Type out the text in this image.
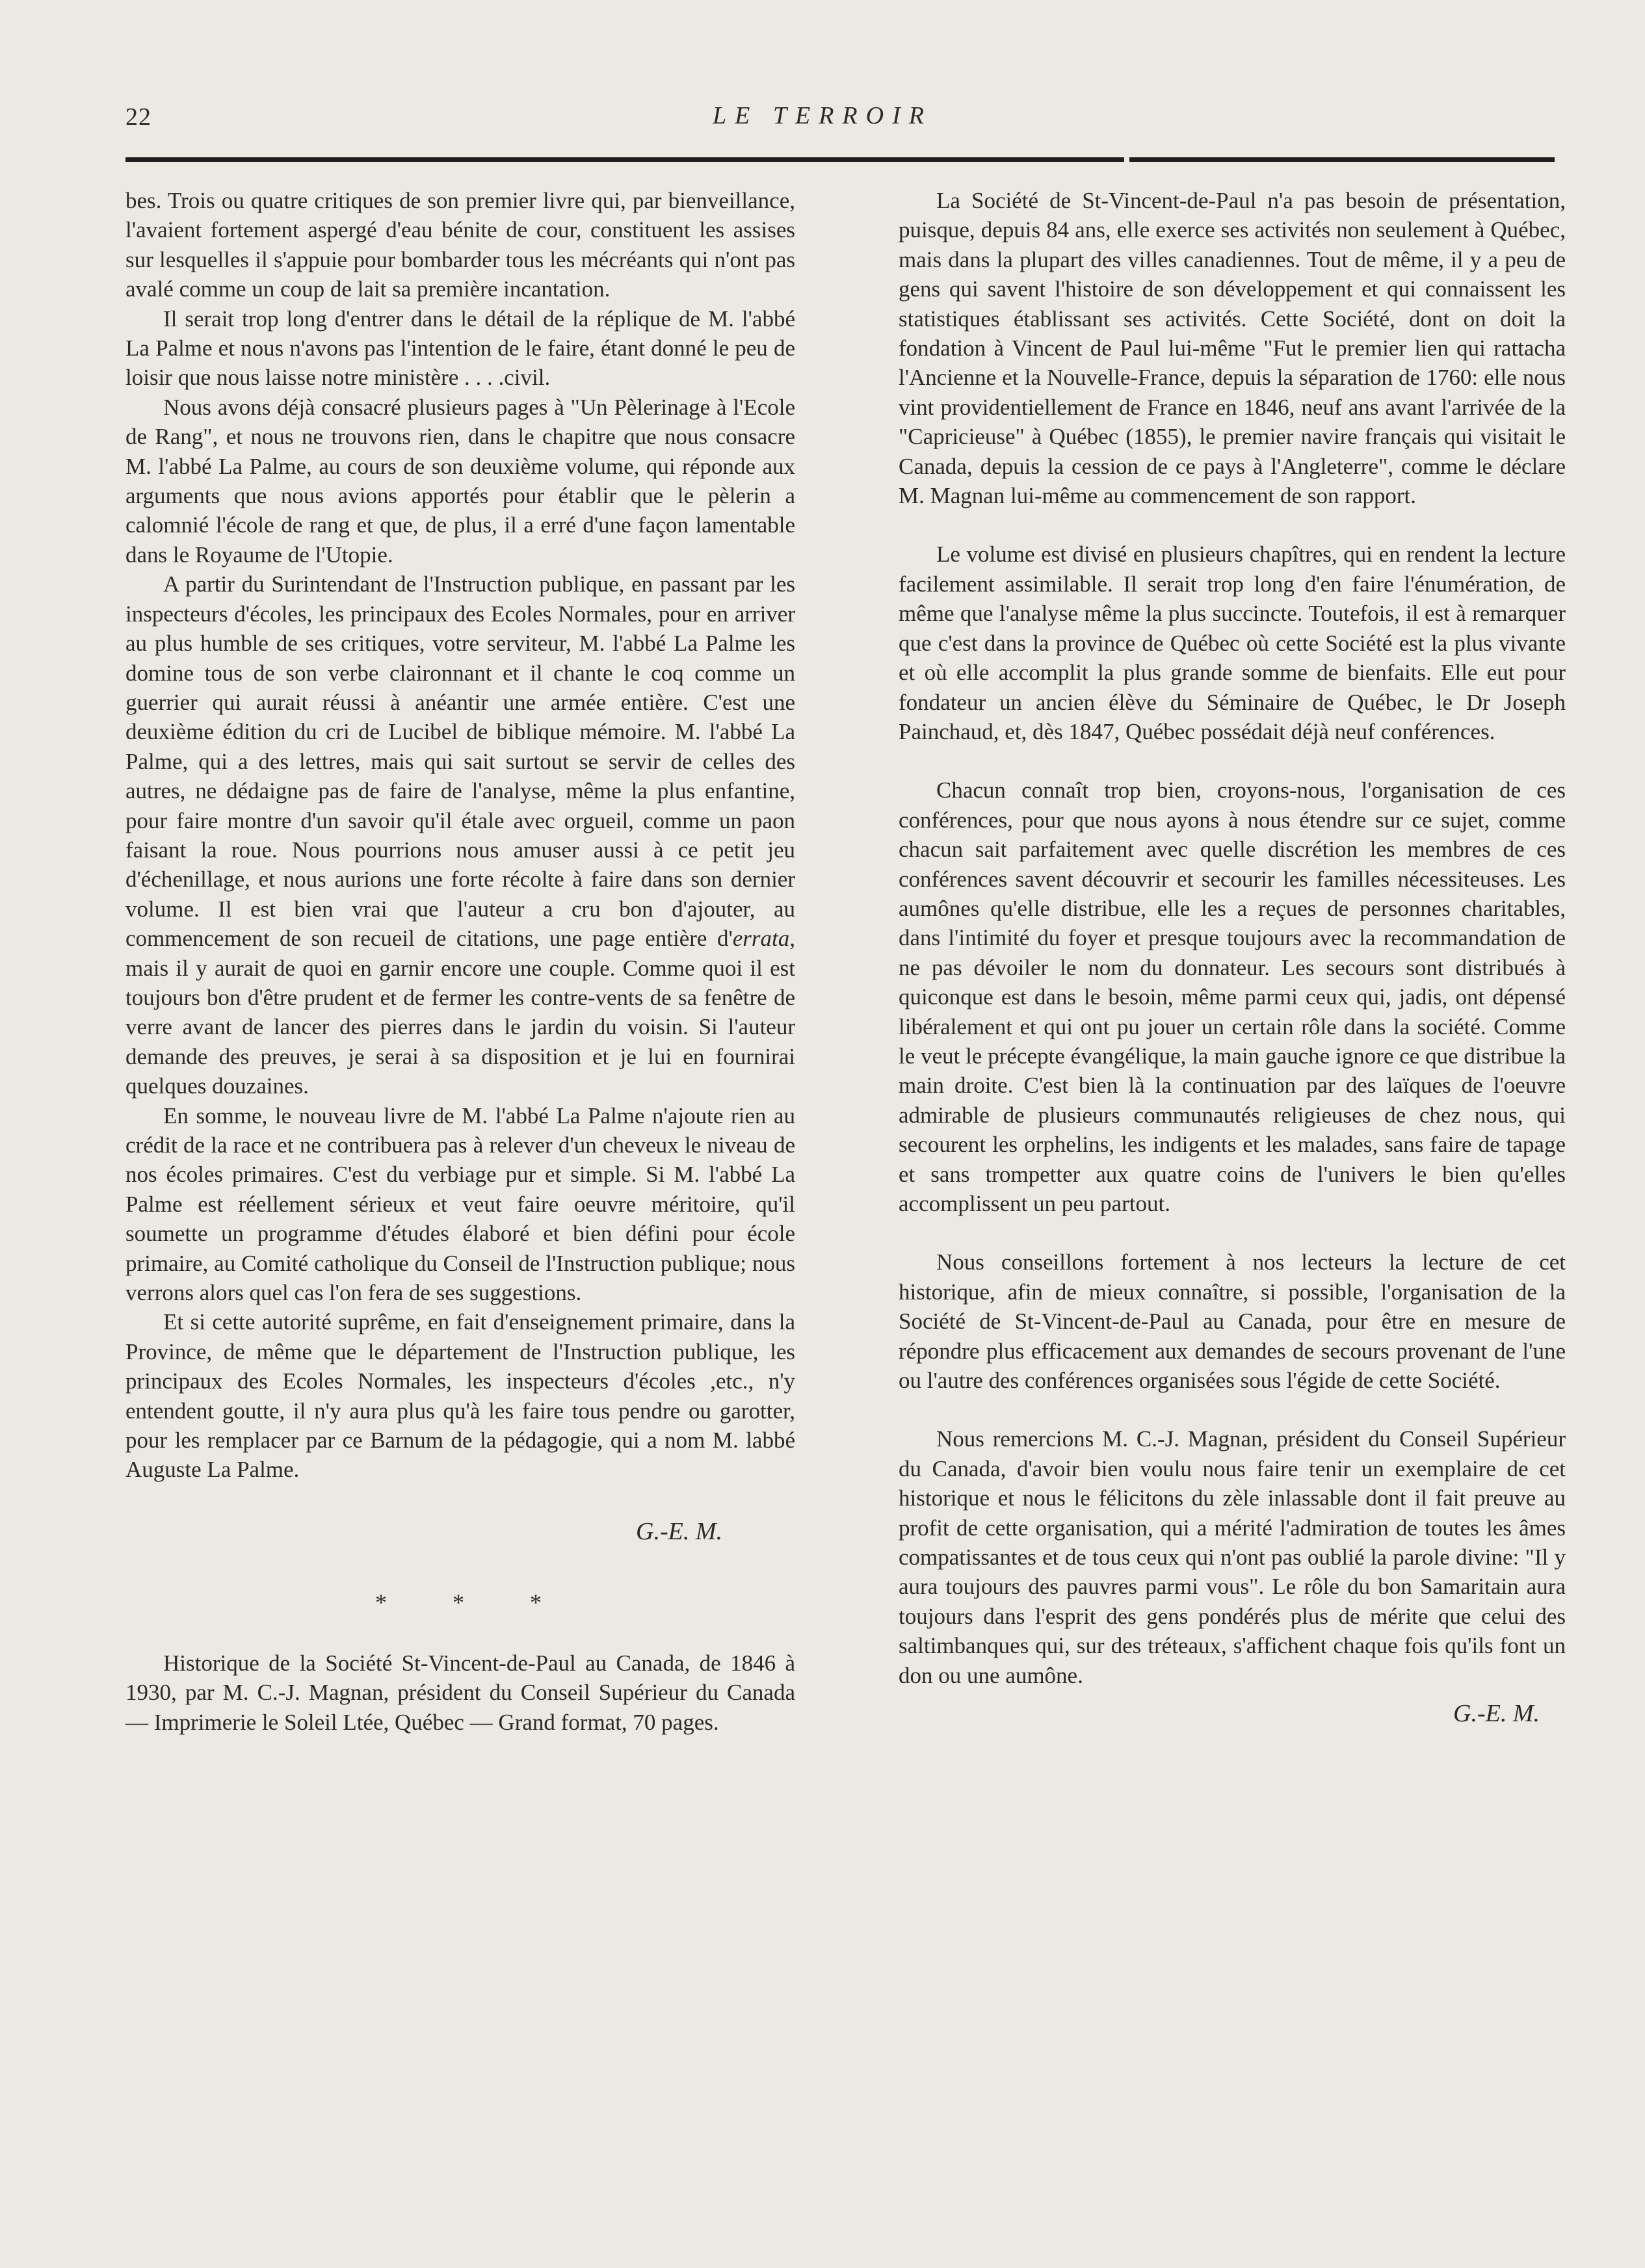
22	LE TERROIR

bes. Trois ou quatre critiques de son premier livre qui, par bienveillance, l'avaient fortement aspergé d'eau bénite de cour, constituent les assises sur lesquelles il s'appuie pour bombarder tous les mécréants qui n'ont pas avalé comme un coup de lait sa première incantation.

Il serait trop long d'entrer dans le détail de la réplique de M. l'abbé La Palme et nous n'avons pas l'intention de le faire, étant donné le peu de loisir que nous laisse notre ministère . . . .civil.

Nous avons déjà consacré plusieurs pages à "Un Pèlerinage à l'Ecole de Rang", et nous ne trouvons rien, dans le chapitre que nous consacre M. l'abbé La Palme, au cours de son deuxième volume, qui réponde aux arguments que nous avions apportés pour établir que le pèlerin a calomnié l'école de rang et que, de plus, il a erré d'une façon lamentable dans le Royaume de l'Utopie.

A partir du Surintendant de l'Instruction publique, en passant par les inspecteurs d'écoles, les principaux des Ecoles Normales, pour en arriver au plus humble de ses critiques, votre serviteur, M. l'abbé La Palme les domine tous de son verbe claironnant et il chante le coq comme un guerrier qui aurait réussi à anéantir une armée entière. C'est une deuxième édition du cri de Lucibel de biblique mémoire. M. l'abbé La Palme, qui a des lettres, mais qui sait surtout se servir de celles des autres, ne dédaigne pas de faire de l'analyse, même la plus enfantine, pour faire montre d'un savoir qu'il étale avec orgueil, comme un paon faisant la roue. Nous pourrions nous amuser aussi à ce petit jeu d'échenillage, et nous aurions une forte récolte à faire dans son dernier volume. Il est bien vrai que l'auteur a cru bon d'ajouter, au commencement de son recueil de citations, une page entière d'errata, mais il y aurait de quoi en garnir encore une couple. Comme quoi il est toujours bon d'être prudent et de fermer les contre-vents de sa fenêtre de verre avant de lancer des pierres dans le jardin du voisin. Si l'auteur demande des preuves, je serai à sa disposition et je lui en fournirai quelques douzaines.

En somme, le nouveau livre de M. l'abbé La Palme n'ajoute rien au crédit de la race et ne contribuera pas à relever d'un cheveux le niveau de nos écoles primaires. C'est du verbiage pur et simple. Si M. l'abbé La Palme est réellement sérieux et veut faire oeuvre méritoire, qu'il soumette un programme d'études élaboré et bien défini pour école primaire, au Comité catholique du Conseil de l'Instruction publique; nous verrons alors quel cas l'on fera de ses suggestions.

Et si cette autorité suprême, en fait d'enseignement primaire, dans la Province, de même que le département de l'Instruction publique, les principaux des Ecoles Normales, les inspecteurs d'écoles ,etc., n'y entendent goutte, il n'y aura plus qu'à les faire tous pendre ou garotter, pour les remplacer par ce Barnum de la pédagogie, qui a nom M. labbé Auguste La Palme.

G.-E. M.
* * *

Historique de la Société St-Vincent-de-Paul au Canada, de 1846 à 1930, par M. C.-J. Magnan, président du Conseil Supérieur du Canada — Imprimerie le Soleil Ltée, Québec — Grand format, 70 pages.

La Société de St-Vincent-de-Paul n'a pas besoin de présentation, puisque, depuis 84 ans, elle exerce ses activités non seulement à Québec, mais dans la plupart des villes canadiennes. Tout de même, il y a peu de gens qui savent l'histoire de son développement et qui connaissent les statistiques établissant ses activités. Cette Société, dont on doit la fondation à Vincent de Paul lui-même "Fut le premier lien qui rattacha l'Ancienne et la Nouvelle-France, depuis la séparation de 1760: elle nous vint providentiellement de France en 1846, neuf ans avant l'arrivée de la "Capricieuse" à Québec (1855), le premier navire français qui visitait le Canada, depuis la cession de ce pays à l'Angleterre", comme le déclare M. Magnan lui-même au commencement de son rapport.

Le volume est divisé en plusieurs chapîtres, qui en rendent la lecture facilement assimilable. Il serait trop long d'en faire l'énumération, de même que l'analyse même la plus succincte. Toutefois, il est à remarquer que c'est dans la province de Québec où cette Société est la plus vivante et où elle accomplit la plus grande somme de bienfaits. Elle eut pour fondateur un ancien élève du Séminaire de Québec, le Dr Joseph Painchaud, et, dès 1847, Québec possédait déjà neuf conférences.

Chacun connaît trop bien, croyons-nous, l'organisation de ces conférences, pour que nous ayons à nous étendre sur ce sujet, comme chacun sait parfaitement avec quelle discrétion les membres de ces conférences savent découvrir et secourir les familles nécessiteuses. Les aumônes qu'elle distribue, elle les a reçues de personnes charitables, dans l'intimité du foyer et presque toujours avec la recommandation de ne pas dévoiler le nom du donnateur. Les secours sont distribués à quiconque est dans le besoin, même parmi ceux qui, jadis, ont dépensé libéralement et qui ont pu jouer un certain rôle dans la société. Comme le veut le précepte évangélique, la main gauche ignore ce que distribue la main droite. C'est bien là la continuation par des laïques de l'oeuvre admirable de plusieurs communautés religieuses de chez nous, qui secourent les orphelins, les indigents et les malades, sans faire de tapage et sans trompetter aux quatre coins de l'univers le bien qu'elles accomplissent un peu partout.

Nous conseillons fortement à nos lecteurs la lecture de cet historique, afin de mieux connaître, si possible, l'organisation de la Société de St-Vincent-de-Paul au Canada, pour être en mesure de répondre plus efficacement aux demandes de secours provenant de l'une ou l'autre des conférences organisées sous l'égide de cette Société.

Nous remercions M. C.-J. Magnan, président du Conseil Supérieur du Canada, d'avoir bien voulu nous faire tenir un exemplaire de cet historique et nous le félicitons du zèle inlassable dont il fait preuve au profit de cette organisation, qui a mérité l'admiration de toutes les âmes compatissantes et de tous ceux qui n'ont pas oublié la parole divine: "Il y aura toujours des pauvres parmi vous". Le rôle du bon Samaritain aura toujours dans l'esprit des gens pondérés plus de mérite que celui des saltimbanques qui, sur des tréteaux, s'affichent chaque fois qu'ils font un don ou une aumône.

G.-E. M.
